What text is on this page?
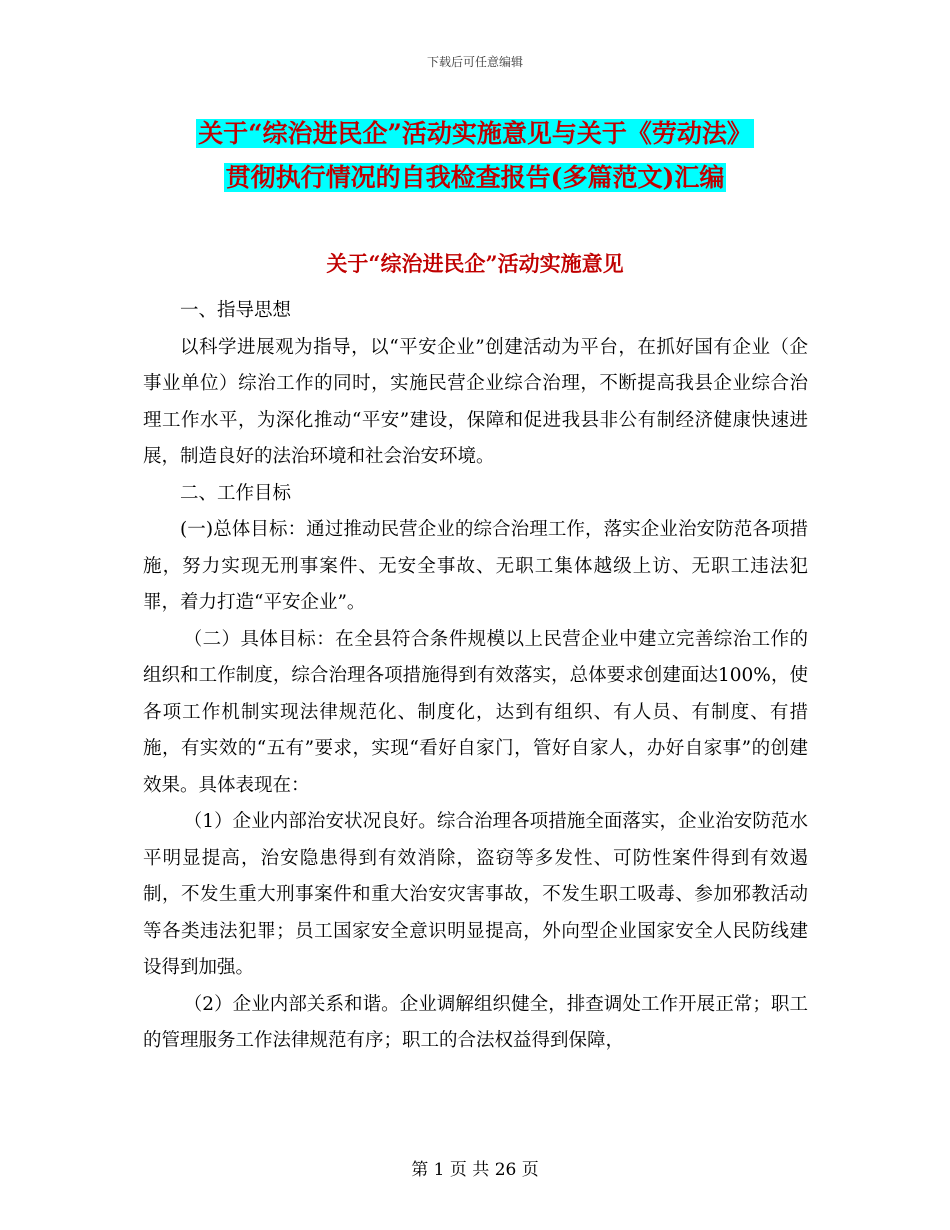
下载后可任意编辑
关于“综治进民企”活动实施意见与关于《劳动法》
贯彻执行情况的自我检查报告(多篇范文)汇编
关于“综治进民企”活动实施意见

一、指导思想

以科学进展观为指导，以“平安企业”创建活动为平台，在抓好国有企业（企事业单位）综治工作的同时，实施民营企业综合治理，不断提高我县企业综合治理工作水平，为深化推动“平安”建设，保障和促进我县非公有制经济健康快速进展，制造良好的法治环境和社会治安环境。

二、工作目标

(一)总体目标：通过推动民营企业的综合治理工作，落实企业治安防范各项措施，努力实现无刑事案件、无安全事故、无职工集体越级上访、无职工违法犯罪，着力打造“平安企业”。

（二）具体目标：在全县符合条件规模以上民营企业中建立完善综治工作的组织和工作制度，综合治理各项措施得到有效落实，总体要求创建面达100%，使各项工作机制实现法律规范化、制度化，达到有组织、有人员、有制度、有措施，有实效的“五有”要求，实现“看好自家门，管好自家人，办好自家事”的创建效果。具体表现在：

（1）企业内部治安状况良好。综合治理各项措施全面落实，企业治安防范水平明显提高，治安隐患得到有效消除，盗窃等多发性、可防性案件得到有效遏制，不发生重大刑事案件和重大治安灾害事故，不发生职工吸毒、参加邪教活动等各类违法犯罪；员工国家安全意识明显提高，外向型企业国家安全人民防线建设得到加强。

（2）企业内部关系和谐。企业调解组织健全，排查调处工作开展正常；职工的管理服务工作法律规范有序；职工的合法权益得到保障，

第 1 页 共 26 页
